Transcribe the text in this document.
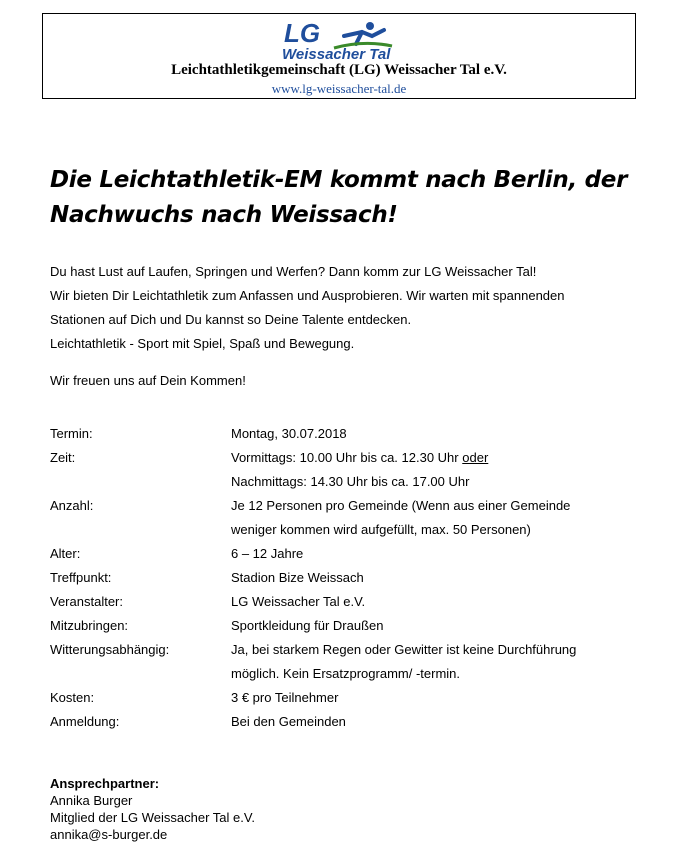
LG
Weissacher Tal
Leichtathletikgemeinschaft (LG) Weissacher Tal e.V.
www.lg-weissacher-tal.de
Die Leichtathletik-EM kommt nach Berlin, der
Nachwuchs nach Weissach!
Du hast Lust auf Laufen, Springen und Werfen? Dann komm zur LG Weissacher Tal!
Wir bieten Dir Leichtathletik zum Anfassen und Ausprobieren. Wir warten mit spannenden
Stationen auf Dich und Du kannst so Deine Talente entdecken.
Leichtathletik - Sport mit Spiel, Spaß und Bewegung.
Wir freuen uns auf Dein Kommen!
Termin:	Montag, 30.07.2018
Zeit:	Vormittags: 10.00 Uhr bis ca. 12.30 Uhr oder
Nachmittags: 14.30 Uhr bis ca. 17.00 Uhr
Anzahl:	Je 12 Personen pro Gemeinde (Wenn aus einer Gemeinde
weniger kommen wird aufgefüllt, max. 50 Personen)
Alter:	6 – 12 Jahre
Treffpunkt:	Stadion Bize Weissach
Veranstalter:	LG Weissacher Tal e.V.
Mitzubringen:	Sportkleidung für Draußen
Witterungsabhängig:	Ja, bei starkem Regen oder Gewitter ist keine Durchführung
möglich. Kein Ersatzprogramm/ -termin.
Kosten:	3 € pro Teilnehmer
Anmeldung:	Bei den Gemeinden
Ansprechpartner:
Annika Burger
Mitglied der LG Weissacher Tal e.V.
annika@s-burger.de
